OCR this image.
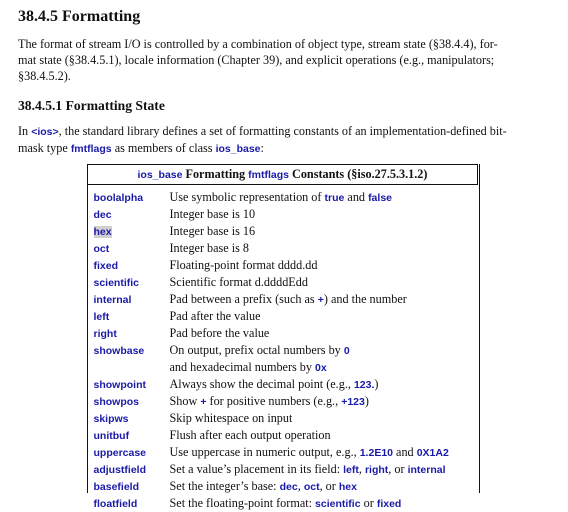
38.4.5 Formatting

The format of stream I/O is controlled by a combination of object type, stream state (§38.4.4), for-
mat state (§38.4.5.1), locale information (Chapter 39), and explicit operations (e.g., manipulators;
§38.4.5.2).

38.4.5.1 Formatting State

In <ios>, the standard library defines a set of formatting constants of an implementation-defined bit-
mask type fmtflags as members of class ios_base:

ios_base Formatting fmtflags Constants (§iso.27.5.3.1.2)	
boolalpha	Use symbolic representation of true and false
dec	Integer base is 10
hex	Integer base is 16
oct	Integer base is 8
fixed	Floating-point format dddd.dd
scientific	Scientific format d.ddddEdd
internal	Pad between a prefix (such as +) and the number
left	Pad after the value
right	Pad before the value
showbase	On output, prefix octal numbers by 0
and hexadecimal numbers by 0x
showpoint	Always show the decimal point (e.g., 123.)
showpos	Show + for positive numbers (e.g., +123)
skipws	Skip whitespace on input
unitbuf	Flush after each output operation
uppercase	Use uppercase in numeric output, e.g., 1.2E10 and 0X1A2
adjustfield	Set a value’s placement in its field: left, right, or internal
basefield	Set the integer’s base: dec, oct, or hex
floatfield	Set the floating-point format: scientific or fixed
